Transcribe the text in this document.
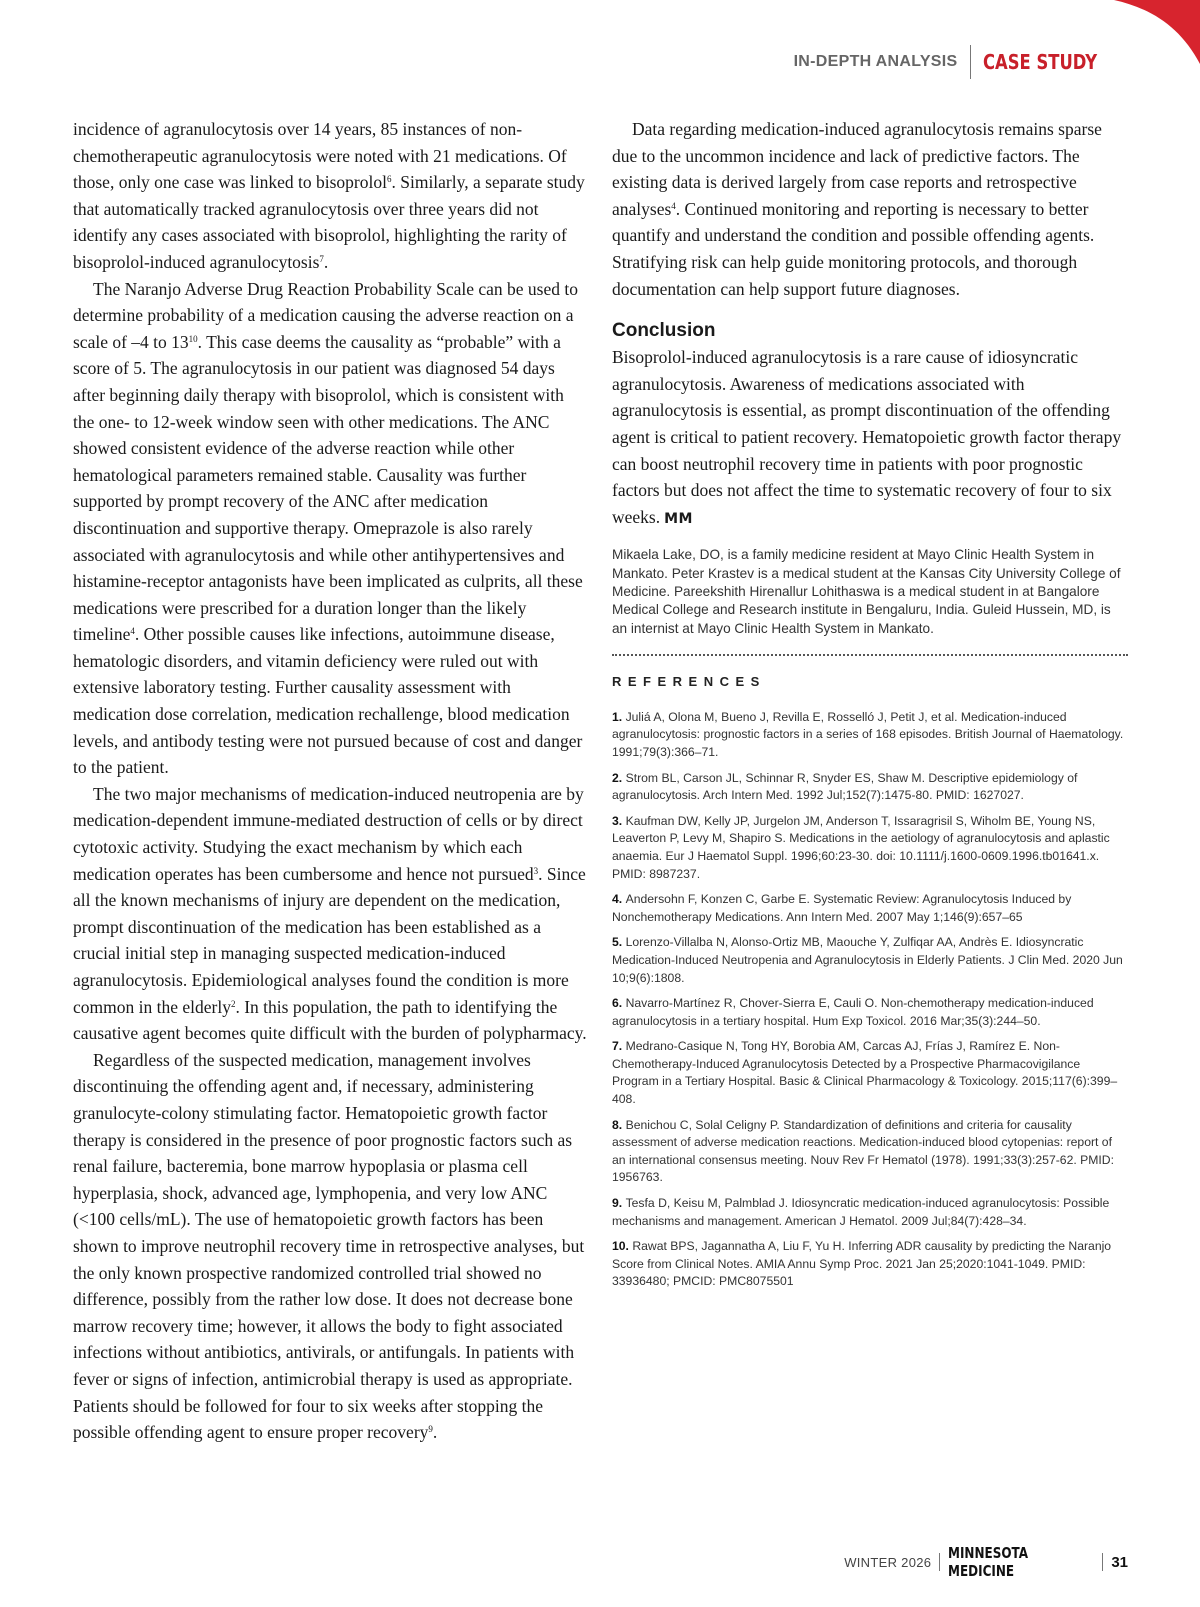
IN-DEPTH ANALYSIS CASE STUDY

incidence of agranulocytosis over 14 years, 85 instances of non-chemotherapeutic agranulocytosis were noted with 21 medications. Of those, only one case was linked to bisoprolol$^6$. Similarly, a separate study that automatically tracked agranulocytosis over three years did not identify any cases associated with bisoprolol, highlighting the rarity of bisoprolol-induced agranulocytosis$^7$.

The Naranjo Adverse Drug Reaction Probability Scale can be used to determine probability of a medication causing the adverse reaction on a scale of –4 to $13^{10}$. This case deems the causality as “probable” with a score of 5. The agranulocytosis in our patient was diagnosed 54 days after beginning daily therapy with bisoprolol, which is consistent with the one- to 12-week window seen with other medications. The ANC showed consistent evidence of the adverse reaction while other hematological parameters remained stable. Causality was further supported by prompt recovery of the ANC after medication discontinuation and supportive therapy. Omeprazole is also rarely associated with agranulocytosis and while other antihypertensives and histamine-receptor antagonists have been implicated as culprits, all these medications were prescribed for a duration longer than the likely timeline$^4$. Other possible causes like infections, autoimmune disease, hematologic disorders, and vitamin deficiency were ruled out with extensive laboratory testing. Further causality assessment with medication dose correlation, medication rechallenge, blood medication levels, and antibody testing were not pursued because of cost and danger to the patient.

The two major mechanisms of medication-induced neutropenia are by medication-dependent immune-mediated destruction of cells or by direct cytotoxic activity. Studying the exact mechanism by which each medication operates has been cumbersome and hence not pursued$^3$. Since all the known mechanisms of injury are dependent on the medication, prompt discontinuation of the medication has been established as a crucial initial step in managing suspected medication-induced agranulocytosis. Epidemiological analyses found the condition is more common in the elderly$^2$. In this population, the path to identifying the causative agent becomes quite difficult with the burden of polypharmacy.

Regardless of the suspected medication, management involves discontinuing the offending agent and, if necessary, administering granulocyte-colony stimulating factor. Hematopoietic growth factor therapy is considered in the presence of poor prognostic factors such as renal failure, bacteremia, bone marrow hypoplasia or plasma cell hyperplasia, shock, advanced age, lymphopenia, and very low ANC (<100 cells/mL). The use of hematopoietic growth factors has been shown to improve neutrophil recovery time in retrospective analyses, but the only known prospective randomized controlled trial showed no difference, possibly from the rather low dose. It does not decrease bone marrow recovery time; however, it allows the body to fight associated infections without antibiotics, antivirals, or antifungals. In patients with fever or signs of infection, antimicrobial therapy is used as appropriate. Patients should be followed for four to six weeks after stopping the possible offending agent to ensure proper recovery$^9$.

Data regarding medication-induced agranulocytosis remains sparse due to the uncommon incidence and lack of predictive factors. The existing data is derived largely from case reports and retrospective analyses$^4$. Continued monitoring and reporting is necessary to better quantify and understand the condition and possible offending agents. Stratifying risk can help guide monitoring protocols, and thorough documentation can help support future diagnoses.

Conclusion

Bisoprolol-induced agranulocytosis is a rare cause of idiosyncratic agranulocytosis. Awareness of medications associated with agranulocytosis is essential, as prompt discontinuation of the offending agent is critical to patient recovery. Hematopoietic growth factor therapy can boost neutrophil recovery time in patients with poor prognostic factors but does not affect the time to systematic recovery of four to six weeks. MM

Mikaela Lake, DO, is a family medicine resident at Mayo Clinic Health System in Mankato. Peter Krastev is a medical student at the Kansas City University College of Medicine. Pareekshith Hirenallur Lohithaswa is a medical student in at Bangalore Medical College and Research institute in Bengaluru, India. Guleid Hussein, MD, is an internist at Mayo Clinic Health System in Mankato.
REFERENCES
1. Juliá A, Olona M, Bueno J, Revilla E, Rosselló J, Petit J, et al. Medication-induced agranulocytosis: prognostic factors in a series of 168 episodes. British Journal of Haematology. 1991;79(3):366–71.
2. Strom BL, Carson JL, Schinnar R, Snyder ES, Shaw M. Descriptive epidemiology of agranulocytosis. Arch Intern Med. 1992 Jul;152(7):1475-80. PMID: 1627027.
3. Kaufman DW, Kelly JP, Jurgelon JM, Anderson T, Issaragrisil S, Wiholm BE, Young NS, Leaverton P, Levy M, Shapiro S. Medications in the aetiology of agranulocytosis and aplastic anaemia. Eur J Haematol Suppl. 1996;60:23-30. doi: 10.1111/j.1600-0609.1996.tb01641.x. PMID: 8987237.
4. Andersohn F, Konzen C, Garbe E. Systematic Review: Agranulocytosis Induced by Nonchemotherapy Medications. Ann Intern Med. 2007 May 1;146(9):657–65
5. Lorenzo-Villalba N, Alonso-Ortiz MB, Maouche Y, Zulfiqar AA, Andrès E. Idiosyncratic Medication-Induced Neutropenia and Agranulocytosis in Elderly Patients. J Clin Med. 2020 Jun 10;9(6):1808.
6. Navarro-Martínez R, Chover-Sierra E, Cauli O. Non-chemotherapy medication-induced agranulocytosis in a tertiary hospital. Hum Exp Toxicol. 2016 Mar;35(3):244–50.
7. Medrano-Casique N, Tong HY, Borobia AM, Carcas AJ, Frías J, Ramírez E. Non-Chemotherapy-Induced Agranulocytosis Detected by a Prospective Pharmacovigilance Program in a Tertiary Hospital. Basic & Clinical Pharmacology & Toxicology. 2015;117(6):399–408.
8. Benichou C, Solal Celigny P. Standardization of definitions and criteria for causality assessment of adverse medication reactions. Medication-induced blood cytopenias: report of an international consensus meeting. Nouv Rev Fr Hematol (1978). 1991;33(3):257-62. PMID: 1956763.
9. Tesfa D, Keisu M, Palmblad J. Idiosyncratic medication-induced agranulocytosis: Possible mechanisms and management. American J Hematol. 2009 Jul;84(7):428–34.
10. Rawat BPS, Jagannatha A, Liu F, Yu H. Inferring ADR causality by predicting the Naranjo Score from Clinical Notes. AMIA Annu Symp Proc. 2021 Jan 25;2020:1041-1049. PMID: 33936480; PMCID: PMC8075501
WINTER 2026 MINNESOTA MEDICINE	31
